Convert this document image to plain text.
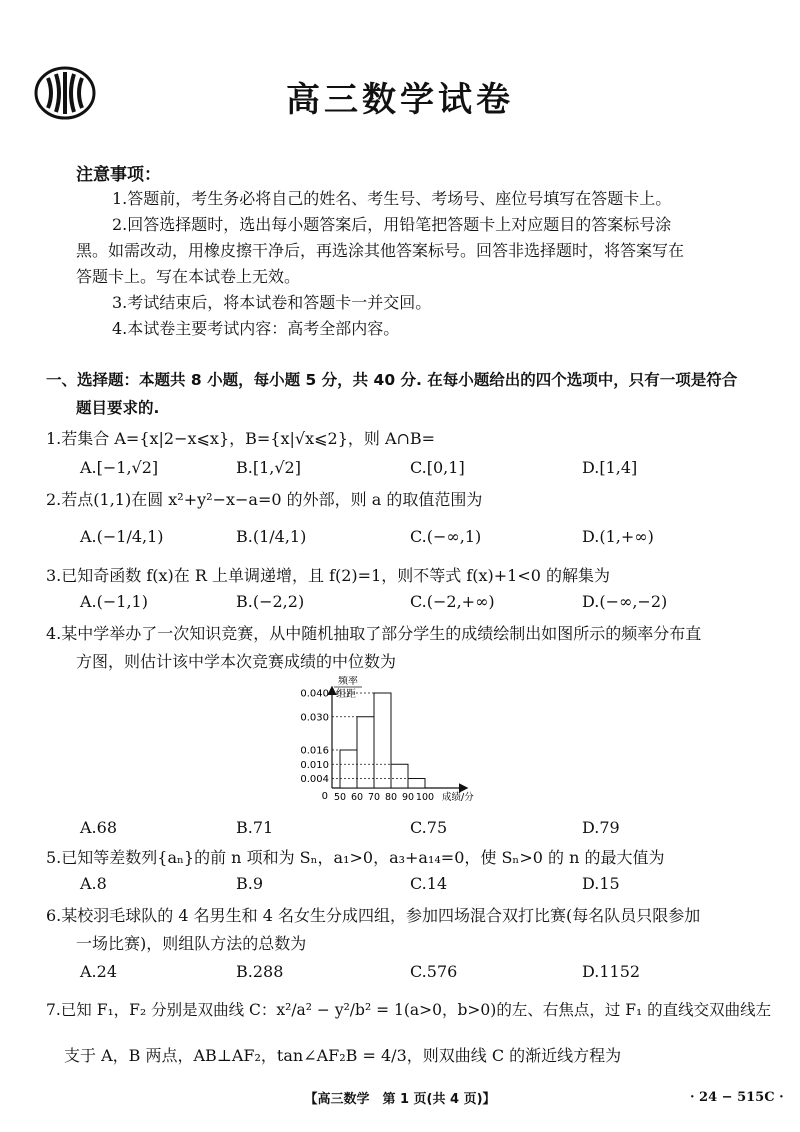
高三数学试卷
注意事项：
1.答题前，考生务必将自己的姓名、考生号、考场号、座位号填写在答题卡上。
2.回答选择题时，选出每小题答案后，用铅笔把答题卡上对应题目的答案标号涂
黑。如需改动，用橡皮擦干净后，再选涂其他答案标号。回答非选择题时，将答案写在
答题卡上。写在本试卷上无效。
3.考试结束后，将本试卷和答题卡一并交回。
4.本试卷主要考试内容：高考全部内容。
一、选择题：本题共 8 小题，每小题 5 分，共 40 分. 在每小题给出的四个选项中，只有一项是符合
题目要求的.
1.若集合 A={x|2−x⩽x}，B={x|√x⩽2}，则 A∩B=
A.[−1,√2]	B.[1,√2]	C.[0,1]	D.[1,4]
2.若点(1,1)在圆 x²+y²−x−a=0 的外部，则 a 的取值范围为
A.(−1/4,1)	B.(1/4,1)	C.(−∞,1)	D.(1,+∞)
3.已知奇函数 f(x)在 R 上单调递增，且 f(2)=1，则不等式 f(x)+1<0 的解集为
A.(−1,1)	B.(−2,2)	C.(−2,+∞)	D.(−∞,−2)
4.某中学举办了一次知识竞赛，从中随机抽取了部分学生的成绩绘制出如图所示的频率分布直
方图，则估计该中学本次竞赛成绩的中位数为
频率
组距
0.004
0.010
0.016
0.030
0.040
0 50 60 70 80 90 100 成绩/分
A.68	B.71	C.75	D.79
5.已知等差数列{aₙ}的前 n 项和为 Sₙ，a₁>0，a₃+a₁₄=0，使 Sₙ>0 的 n 的最大值为
A.8	B.9	C.14	D.15
6.某校羽毛球队的 4 名男生和 4 名女生分成四组，参加四场混合双打比赛(每名队员只限参加
一场比赛)，则组队方法的总数为
A.24	B.288	C.576	D.1152
7.已知 F₁，F₂ 分别是双曲线 C：x²/a² − y²/b² = 1(a>0，b>0)的左、右焦点，过 F₁ 的直线交双曲线左
支于 A，B 两点，AB⊥AF₂，tan∠AF₂B = 4/3，则双曲线 C 的渐近线方程为
【高三数学　第 1 页(共 4 页)】	· 24 − 515C ·
